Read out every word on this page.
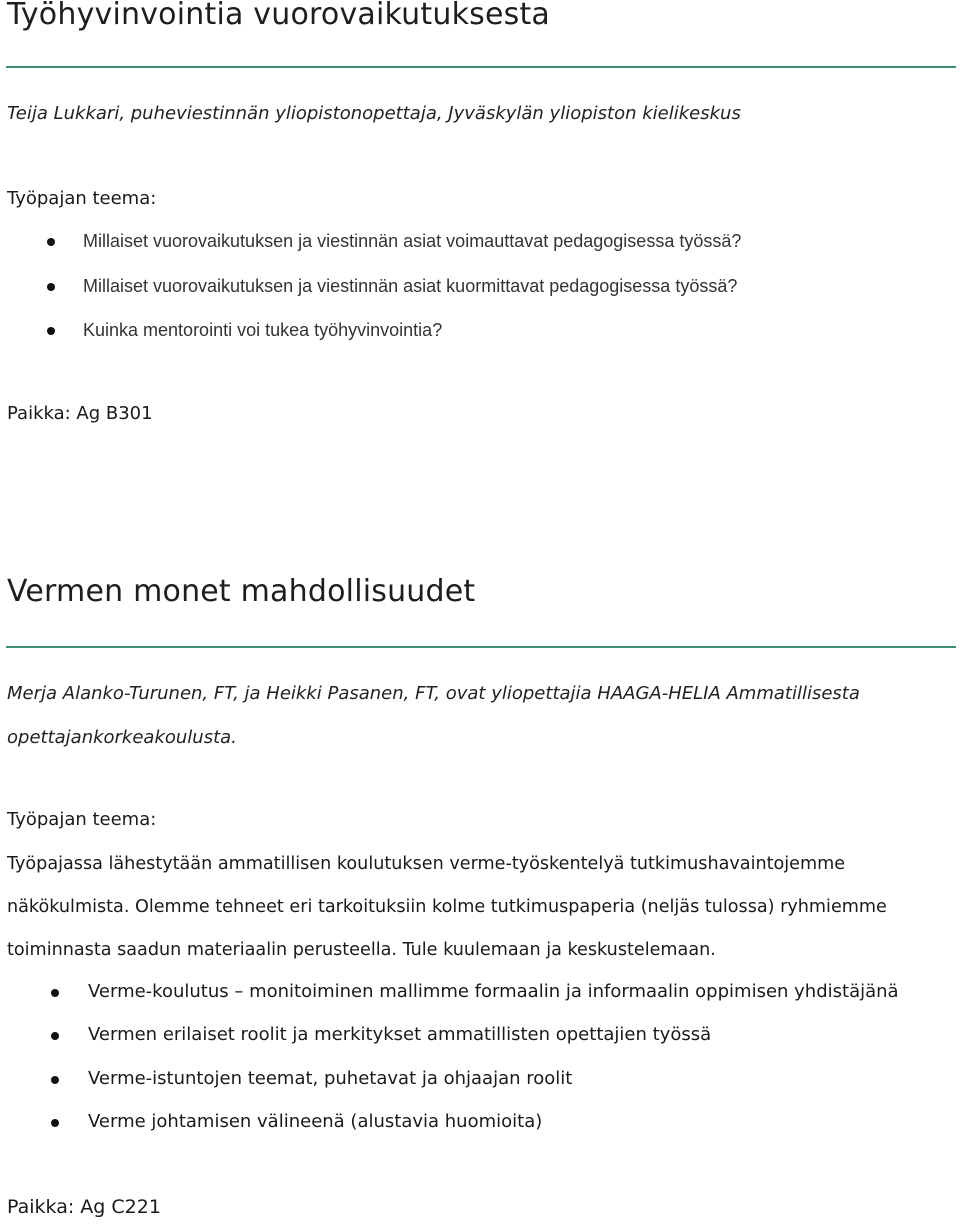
Työhyvinvointia vuorovaikutuksesta
Teija Lukkari, puheviestinnän yliopistonopettaja, Jyväskylän yliopiston kielikeskus
Työpajan teema:
Millaiset vuorovaikutuksen ja viestinnän asiat voimauttavat pedagogisessa työssä?
Millaiset vuorovaikutuksen ja viestinnän asiat kuormittavat pedagogisessa työssä?
Kuinka mentorointi voi tukea työhyvinvointia?
Paikka: Ag B301
Vermen monet mahdollisuudet
Merja Alanko-Turunen, FT, ja Heikki Pasanen, FT, ovat yliopettajia HAAGA-HELIA Ammatillisesta opettajankorkeakoulusta.
Työpajan teema:
Työpajassa lähestytään ammatillisen koulutuksen verme-työskentelyä tutkimushavaintojemme näkökulmista. Olemme tehneet eri tarkoituksiin kolme tutkimuspaperia (neljäs tulossa) ryhmiemme toiminnasta saadun materiaalin perusteella. Tule kuulemaan ja keskustelemaan.
Verme-koulutus – monitoiminen mallimme formaalin ja informaalin oppimisen yhdistäjänä
Vermen erilaiset roolit ja merkitykset ammatillisten opettajien työssä
Verme-istuntojen teemat, puhetavat ja ohjaajan roolit
Verme johtamisen välineenä (alustavia huomioita)
Paikka: Ag C221
